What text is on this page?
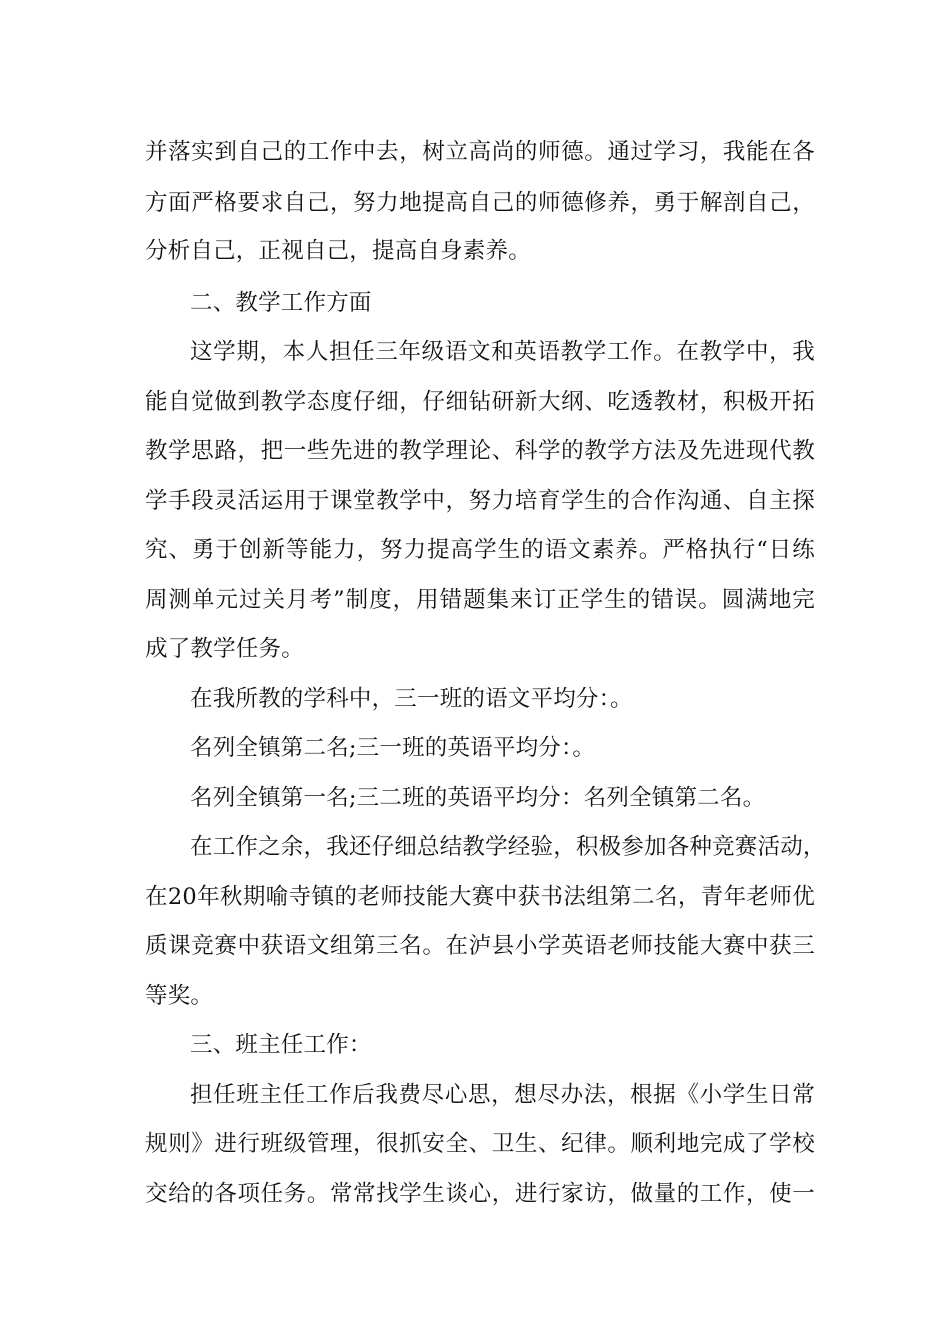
并落实到自己的工作中去，树立高尚的师德。通过学习，我能在各
方面严格要求自己，努力地提高自己的师德修养，勇于解剖自己，
分析自己，正视自己，提高自身素养。
二、教学工作方面
这学期，本人担任三年级语文和英语教学工作。在教学中，我
能自觉做到教学态度仔细，仔细钻研新大纲、吃透教材，积极开拓
教学思路，把一些先进的教学理论、科学的教学方法及先进现代教
学手段灵活运用于课堂教学中，努力培育学生的合作沟通、自主探
究、勇于创新等能力，努力提高学生的语文素养。严格执行“日练
周测单元过关月考”制度，用错题集来订正学生的错误。圆满地完
成了教学任务。
在我所教的学科中，三一班的语文平均分：。
名列全镇第二名;三一班的英语平均分：。
名列全镇第一名;三二班的英语平均分：名列全镇第二名。
在工作之余，我还仔细总结教学经验，积极参加各种竞赛活动，
在20年秋期喻寺镇的老师技能大赛中获书法组第二名，青年老师优
质课竞赛中获语文组第三名。在泸县小学英语老师技能大赛中获三
等奖。
三、班主任工作：
担任班主任工作后我费尽心思，想尽办法，根据《小学生日常
规则》进行班级管理，很抓安全、卫生、纪律。顺利地完成了学校
交给的各项任务。常常找学生谈心，进行家访，做量的工作，使一
